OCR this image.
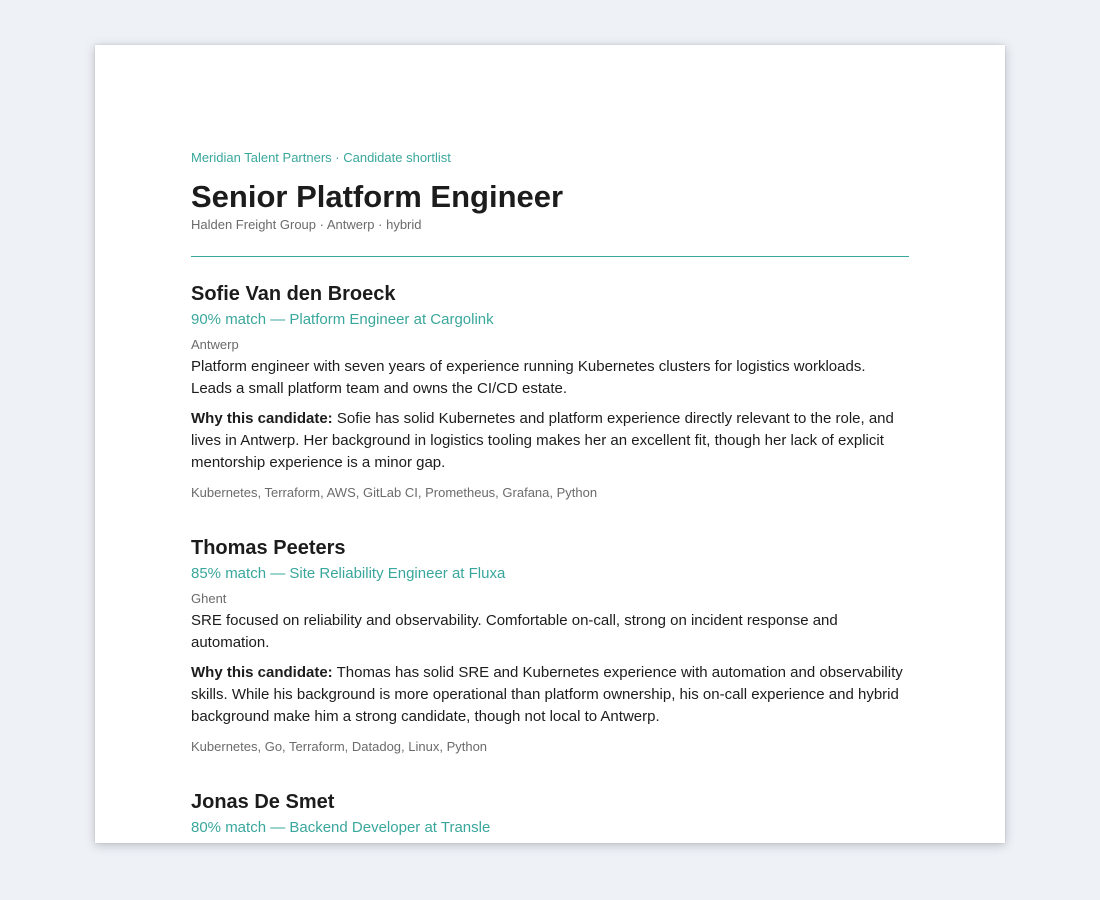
Meridian Talent Partners · Candidate shortlist

Senior Platform Engineer

Halden Freight Group · Antwerp · hybrid

Sofie Van den Broeck

90% match — Platform Engineer at Cargolink

Antwerp

Platform engineer with seven years of experience running Kubernetes clusters for logistics workloads. Leads a small platform team and owns the CI/CD estate.

Why this candidate: Sofie has solid Kubernetes and platform experience directly relevant to the role, and lives in Antwerp. Her background in logistics tooling makes her an excellent fit, though her lack of explicit mentorship experience is a minor gap.

Kubernetes, Terraform, AWS, GitLab CI, Prometheus, Grafana, Python

Thomas Peeters

85% match — Site Reliability Engineer at Fluxa

Ghent

SRE focused on reliability and observability. Comfortable on-call, strong on incident response and automation.

Why this candidate: Thomas has solid SRE and Kubernetes experience with automation and observability skills. While his background is more operational than platform ownership, his on-call experience and hybrid background make him a strong candidate, though not local to Antwerp.

Kubernetes, Go, Terraform, Datadog, Linux, Python

Jonas De Smet

80% match — Backend Developer at Transle
